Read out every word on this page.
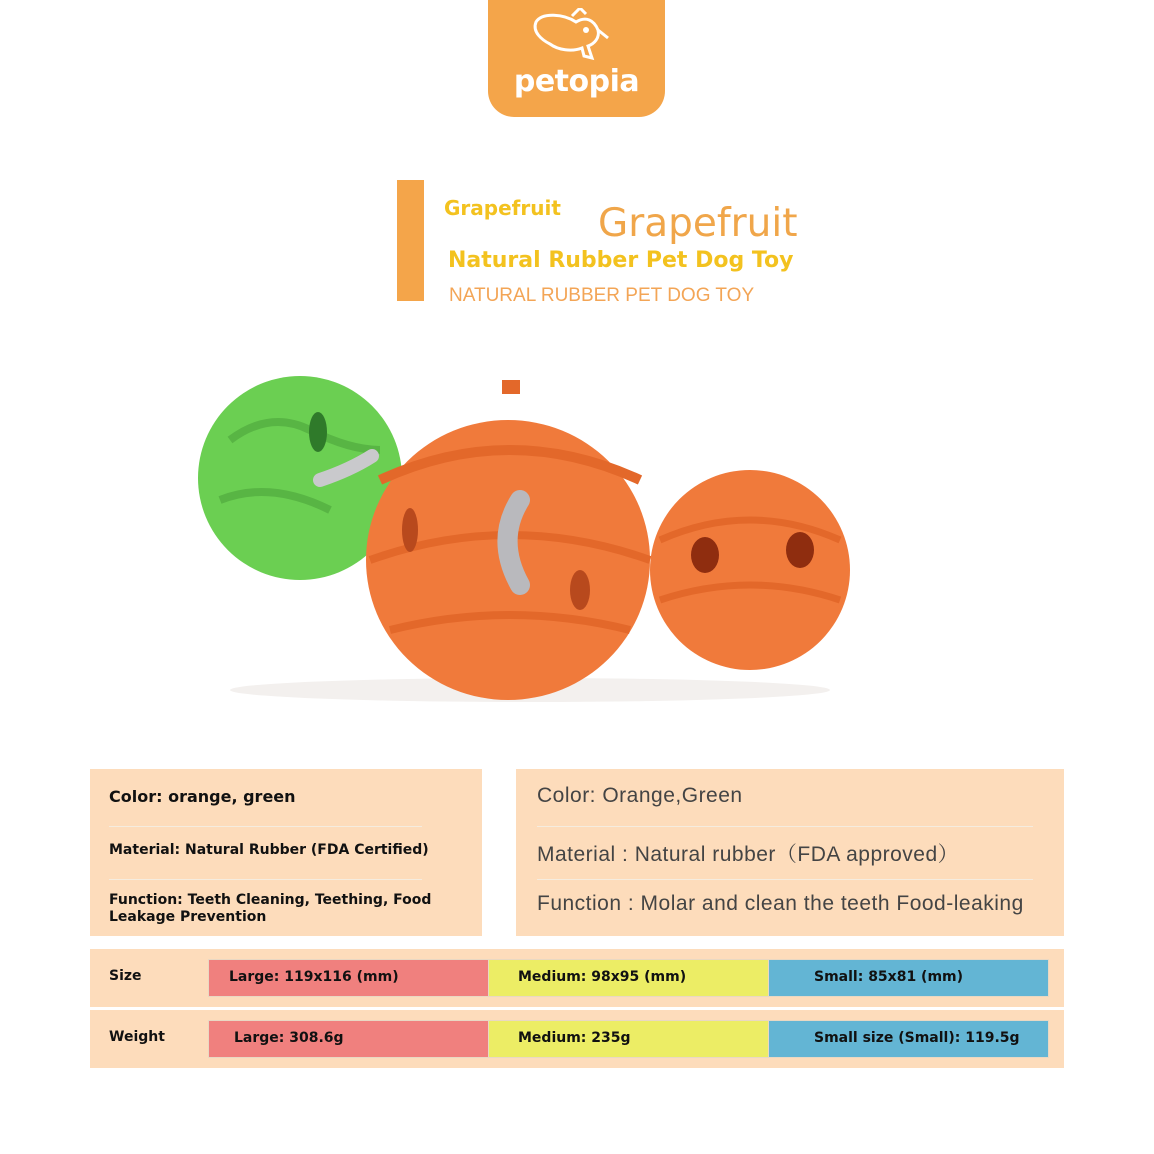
petopia
Grapefruit Grapefruit
Natural Rubber Pet Dog Toy
NATURAL RUBBER PET DOG TOY
Color: orange, green
Material: Natural Rubber (FDA Certified)
Function: Teeth Cleaning, Teething, Food Leakage Prevention
Color: Orange,Green
Material : Natural rubber（FDA approved）
Function : Molar and clean the teeth Food-leaking
Size	Large: 119x116 (mm)	Medium: 98x95 (mm)	Small: 85x81 (mm)
Weight	Large: 308.6g	Medium: 235g	Small size (Small): 119.5g
